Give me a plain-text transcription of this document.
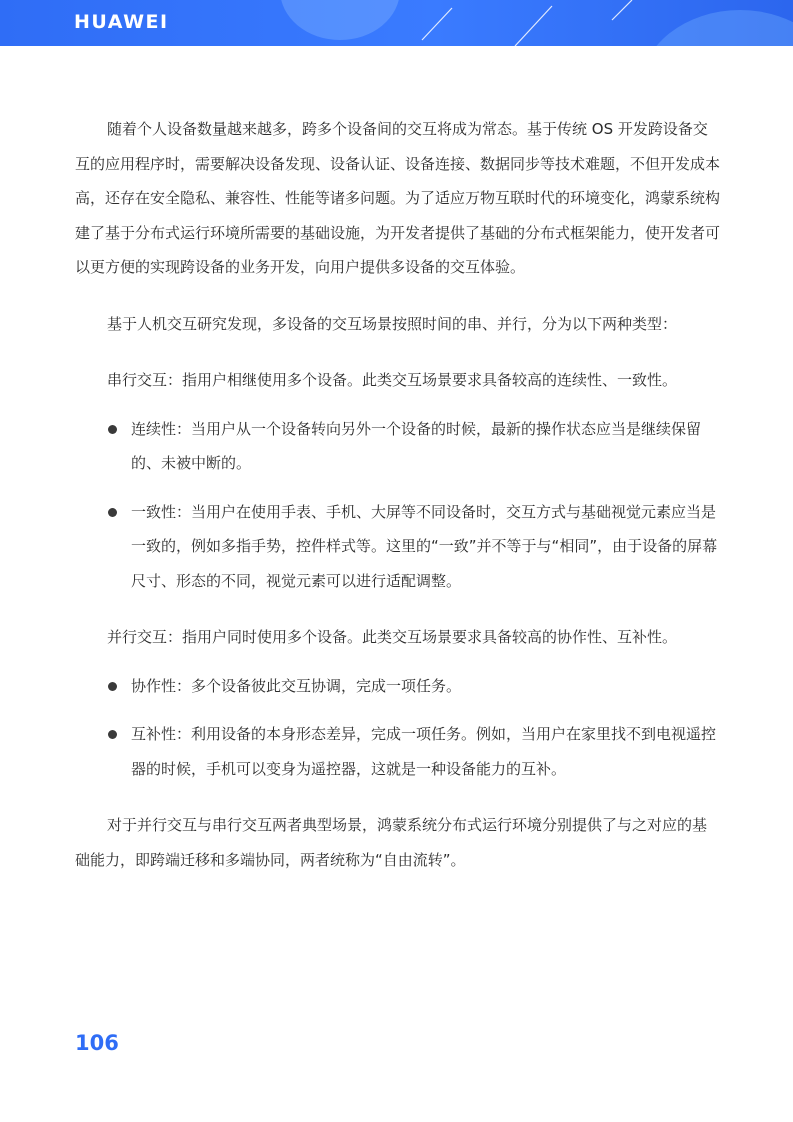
HUAWEI

随着个人设备数量越来越多，跨多个设备间的交互将成为常态。基于传统 OS 开发跨设备交互的应用程序时，需要解决设备发现、设备认证、设备连接、数据同步等技术难题，不但开发成本高，还存在安全隐私、兼容性、性能等诸多问题。为了适应万物互联时代的环境变化，鸿蒙系统构建了基于分布式运行环境所需要的基础设施，为开发者提供了基础的分布式框架能力，使开发者可以更方便的实现跨设备的业务开发，向用户提供多设备的交互体验。

基于人机交互研究发现，多设备的交互场景按照时间的串、并行，分为以下两种类型：

串行交互：指用户相继使用多个设备。此类交互场景要求具备较高的连续性、一致性。

连续性：当用户从一个设备转向另外一个设备的时候，最新的操作状态应当是继续保留的、未被中断的。

一致性：当用户在使用手表、手机、大屏等不同设备时，交互方式与基础视觉元素应当是一致的，例如多指手势，控件样式等。这里的“一致”并不等于与“相同”，由于设备的屏幕尺寸、形态的不同，视觉元素可以进行适配调整。

并行交互：指用户同时使用多个设备。此类交互场景要求具备较高的协作性、互补性。

协作性：多个设备彼此交互协调，完成一项任务。

互补性：利用设备的本身形态差异，完成一项任务。例如，当用户在家里找不到电视遥控器的时候，手机可以变身为遥控器，这就是一种设备能力的互补。

对于并行交互与串行交互两者典型场景，鸿蒙系统分布式运行环境分别提供了与之对应的基础能力，即跨端迁移和多端协同，两者统称为“自由流转”。

106
